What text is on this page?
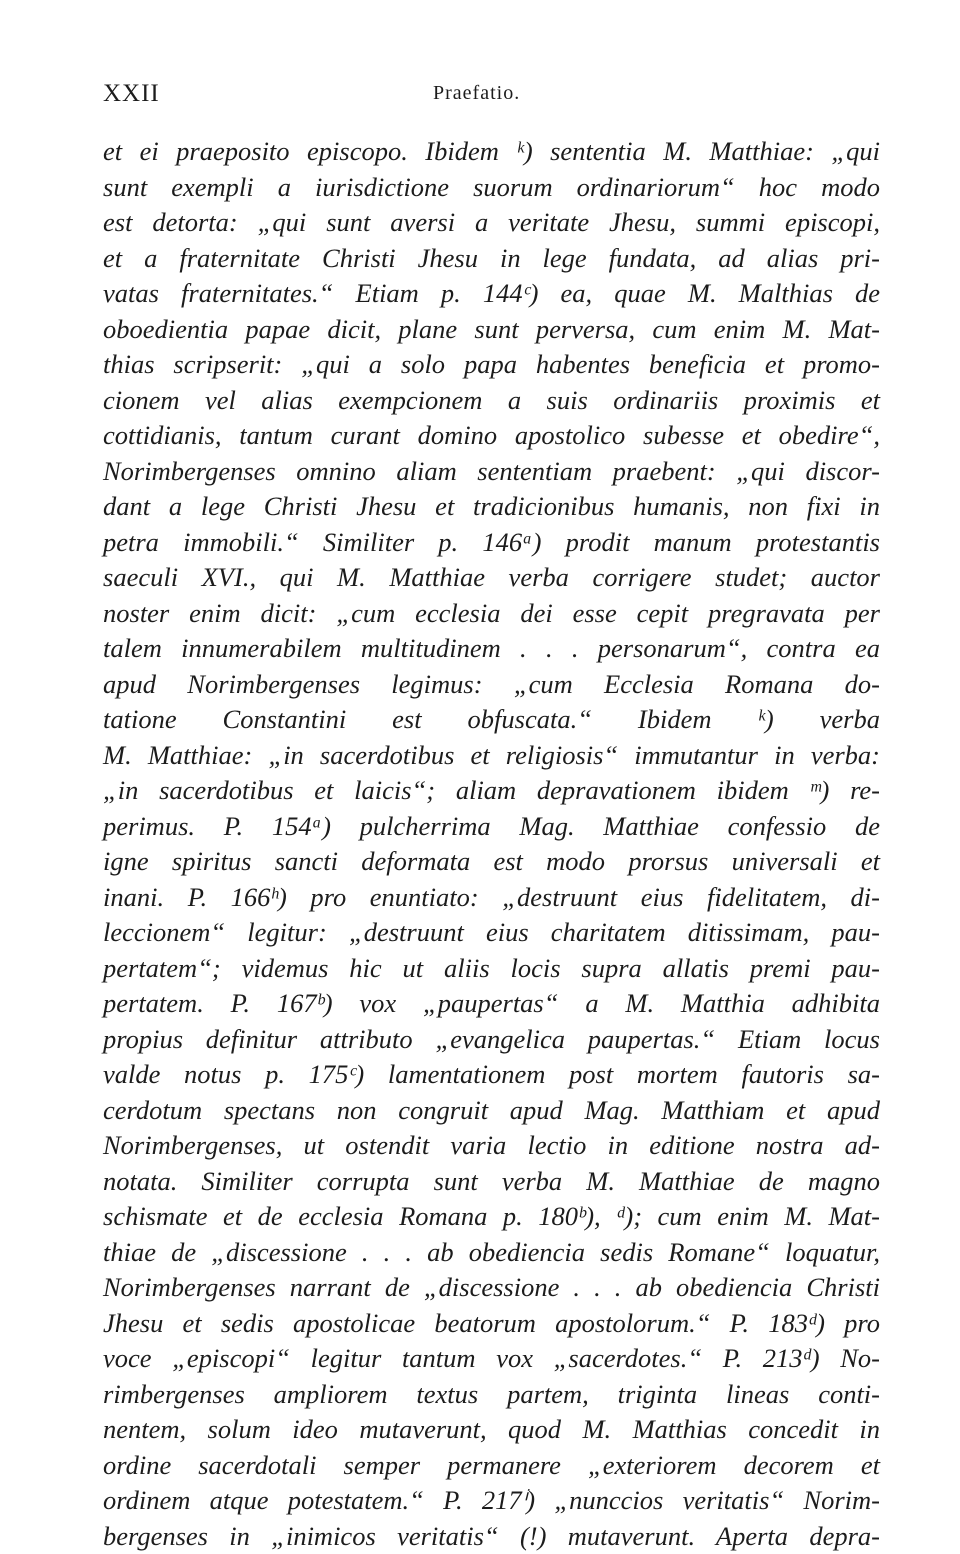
XXII	Praefatio.
et ei praeposito episcopo. Ibidem ᵏ) sententia M. Matthiae: „qui
sunt exempli a iurisdictione suorum ordinariorum“ hoc modo
est detorta: „qui sunt aversi a veritate Jhesu, summi episcopi,
et a fraternitate Christi Jhesu in lege fundata, ad alias pri-
vatas fraternitates.“ Etiam p. 144ᶜ) ea, quae M. Malthias de
oboedientia papae dicit, plane sunt perversa, cum enim M. Mat-
thias scripserit: „qui a solo papa habentes beneficia et promo-
cionem vel alias exempcionem a suis ordinariis proximis et
cottidianis, tantum curant domino apostolico subesse et obedire“,
Norimbergenses omnino aliam sententiam praebent: „qui discor-
dant a lege Christi Jhesu et tradicionibus humanis, non fixi in
petra immobili.“ Similiter p. 146ᵃ) prodit manum protestantis
saeculi XVI., qui M. Matthiae verba corrigere studet; auctor
noster enim dicit: „cum ecclesia dei esse cepit pregravata per
talem innumerabilem multitudinem . . . personarum“, contra ea
apud Norimbergenses legimus: „cum Ecclesia Romana do-
tatione Constantini est obfuscata.“ Ibidem ᵏ) verba
M. Matthiae: „in sacerdotibus et religiosis“ immutantur in verba:
„in sacerdotibus et laicis“; aliam depravationem ibidem ᵐ) re-
perimus. P. 154ᵃ) pulcherrima Mag. Matthiae confessio de
igne spiritus sancti deformata est modo prorsus universali et
inani. P. 166ʰ) pro enuntiato: „destruunt eius fidelitatem, di-
leccionem“ legitur: „destruunt eius charitatem ditissimam, pau-
pertatem“; videmus hic ut aliis locis supra allatis premi pau-
pertatem. P. 167ᵇ) vox „paupertas“ a M. Matthia adhibita
propius definitur attributo „evangelica paupertas.“ Etiam locus
valde notus p. 175ᶜ) lamentationem post mortem fautoris sa-
cerdotum spectans non congruit apud Mag. Matthiam et apud
Norimbergenses, ut ostendit varia lectio in editione nostra ad-
notata. Similiter corrupta sunt verba M. Matthiae de magno
schismate et de ecclesia Romana p. 180ᵇ), ᵈ); cum enim M. Mat-
thiae de „discessione . . . ab obediencia sedis Romane“ loquatur,
Norimbergenses narrant de „discessione . . . ab obediencia Christi
Jhesu et sedis apostolicae beatorum apostolorum.“ P. 183ᵈ) pro
voce „episcopi“ legitur tantum vox „sacerdotes.“ P. 213ᵈ) No-
rimbergenses ampliorem textus partem, triginta lineas conti-
nentem, solum ideo mutaverunt, quod M. Matthias concedit in
ordine sacerdotali semper permanere „exteriorem decorem et
ordinem atque potestatem.“ P. 217ⁱ) „nunccios veritatis“ Norim-
bergenses in „inimicos veritatis“ (!) mutaverunt. Aperta depra-
